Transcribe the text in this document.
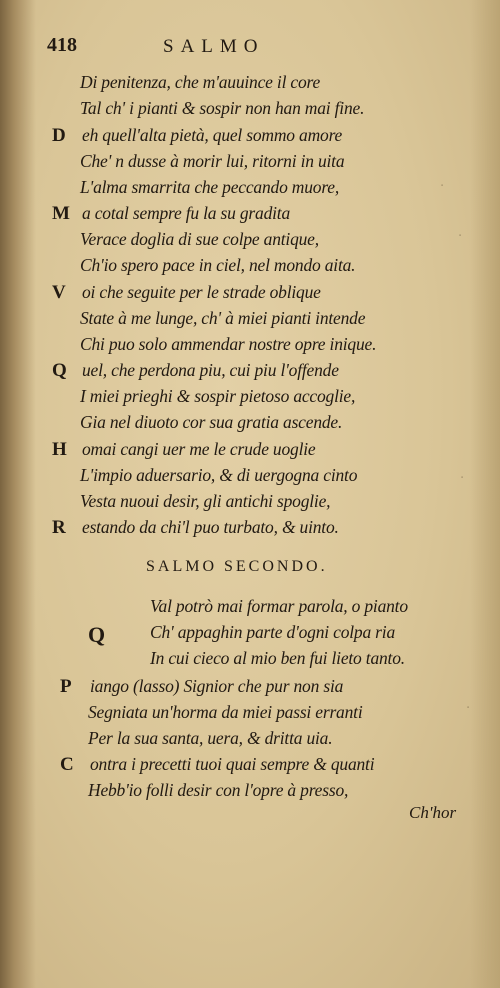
·
·
·
·
418	SALMO
Di penitenza, che m'auuince il core
Tal ch' i pianti & sospir non han mai fine.
D eh quell'alta pietà, quel sommo amore
Che' n dusse à morir lui, ritorni in uita
L'alma smarrita che peccando muore,
M a cotal sempre fu la su gradita
Verace doglia di sue colpe antique,
Ch'io spero pace in ciel, nel mondo aita.
V oi che seguite per le strade oblique
State à me lunge, ch' à miei pianti intende
Chi puo solo ammendar nostre opre inique.
Q uel, che perdona piu, cui piu l'offende
I miei prieghi & sospir pietoso accoglie,
Gia nel diuoto cor sua gratia ascende.
H omai cangi uer me le crude uoglie
L'impio aduersario, & di uergogna cinto
Vesta nuoui desir, gli antichi spoglie,
R estando da chi'l puo turbato, & uinto.
SALMO SECONDO.
Q
Val potrò mai formar parola, o pianto
Ch' appaghin parte d'ogni colpa ria
In cui cieco al mio ben fui lieto tanto.
P iango (lasso) Signior che pur non sia
Segniata un'horma da miei passi erranti
Per la sua santa, uera, & dritta uia.
C ontra i precetti tuoi quai sempre & quanti
Hebb'io folli desir con l'opre à presso,
Ch'hor
